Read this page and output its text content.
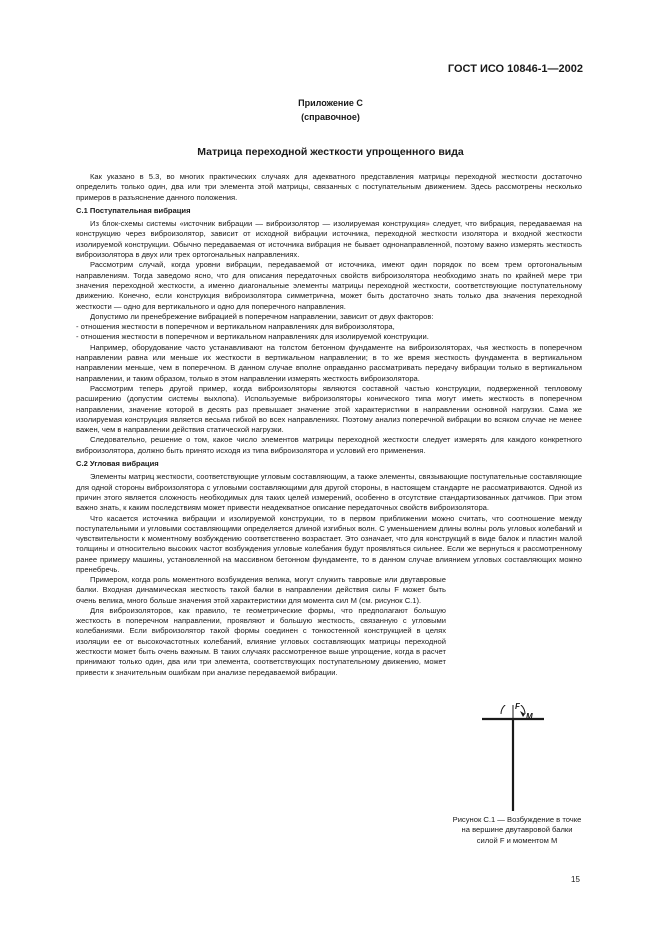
ГОСТ ИСО 10846-1—2002
Приложение С
(справочное)
Матрица переходной жесткости упрощенного вида

Как указано в 5.3, во многих практических случаях для адекватного представления матрицы переходной жесткости достаточно определить только один, два или три элемента этой матрицы, связанных с поступательным движением. Здесь рассмотрены несколько примеров в разъяснение данного положения.

С.1 Поступательная вибрация

Из блок-схемы системы «источник вибрации — виброизолятор — изолируемая конструкция» следует, что вибрация, передаваемая на конструкцию через виброизолятор, зависит от исходной вибрации источника, переходной жесткости изолятора и входной жесткости изолируемой конструкции. Обычно передаваемая от источника вибрация не бывает однонаправленной, поэтому важно измерять жесткость виброизолятора в двух или трех ортогональных направлениях.

Рассмотрим случай, когда уровни вибрации, передаваемой от источника, имеют один порядок по всем трем ортогональным направлениям. Тогда заведомо ясно, что для описания передаточных свойств виброизолятора необходимо знать по крайней мере три значения переходной жесткости, а именно диагональные элементы матрицы переходной жесткости, соответствующие поступательному движению. Конечно, если конструкция виброизолятора симметрична, может быть достаточно знать только два значения переходной жесткости — одно для вертикального и одно для поперечного направления.

Допустимо ли пренебрежение вибрацией в поперечном направлении, зависит от двух факторов:

- отношения жесткости в поперечном и вертикальном направлениях для виброизолятора,

- отношения жесткости в поперечном и вертикальном направлениях для изолируемой конструкции.

Например, оборудование часто устанавливают на толстом бетонном фундаменте на виброизоляторах, чья жесткость в поперечном направлении равна или меньше их жесткости в вертикальном направлении; в то же время жесткость фундамента в вертикальном направлении меньше, чем в поперечном. В данном случае вполне оправданно рассматривать передачу вибрации только в вертикальном направлении, и таким образом, только в этом направлении измерять жесткость виброизолятора.

Рассмотрим теперь другой пример, когда виброизоляторы являются составной частью конструкции, подверженной тепловому расширению (допустим системы выхлопа). Используемые виброизоляторы конического типа могут иметь жесткость в поперечном направлении, значение которой в десять раз превышает значение этой характеристики в направлении основной нагрузки. Сама же изолируемая конструкция является весьма гибкой во всех направлениях. Поэтому анализ поперечной вибрации во всяком случае не менее важен, чем в направлении действия статической нагрузки.

Следовательно, решение о том, какое число элементов матрицы переходной жесткости следует измерять для каждого конкретного виброизолятора, должно быть принято исходя из типа виброизолятора и условий его применения.

С.2 Угловая вибрация

Элементы матриц жесткости, соответствующие угловым составляющим, а также элементы, связывающие поступательные составляющие для одной стороны виброизолятора с угловыми составляющими для другой стороны, в настоящем стандарте не рассматриваются. Одной из причин этого является сложность необходимых для таких целей измерений, особенно в отсутствие стандартизованных датчиков. При этом важно знать, к каким последствиям может привести неадекватное описание передаточных свойств виброизолятора.

Что касается источника вибрации и изолируемой конструкции, то в первом приближении можно считать, что соотношение между поступательными и угловыми составляющими определяется длиной изгибных волн. С уменьшением длины волны роль угловых колебаний и чувствительности к моментному возбуждению соответственно возрастает. Это означает, что для конструкций в виде балок и пластин малой толщины и относительно высоких частот возбуждения угловые колебания будут проявляться сильнее. Если же вернуться к рассмотренному ранее примеру машины, установленной на массивном бетонном фундаменте, то в данном случае влиянием угловых составляющих можно пренебречь.

Примером, когда роль моментного возбуждения велика, могут служить тавровые или двутавровые балки. Входная динамическая жесткость такой балки в направлении действия силы F может быть очень велика, много больше значения этой характеристики для момента сил М (см. рисунок С.1).

Для виброизоляторов, как правило, те геометрические формы, что предполагают большую жесткость в поперечном направлении, проявляют и большую жесткость, связанную с угловыми колебаниями. Если виброизолятор такой формы соединен с тонкостенной конструкцией в целях изоляции ее от высокочастотных колебаний, влияние угловых составляющих матрицы переходной жесткости может быть очень важным. В таких случаях рассмотренное выше упрощение, когда в расчет принимают только один, два или три элемента, соответствующих поступательному движению, может привести к значительным ошибкам при анализе передаваемой вибрации.

F
M
Рисунок С.1 — Возбуждение в точке на вершине двутавровой балки силой F и моментом М
15
